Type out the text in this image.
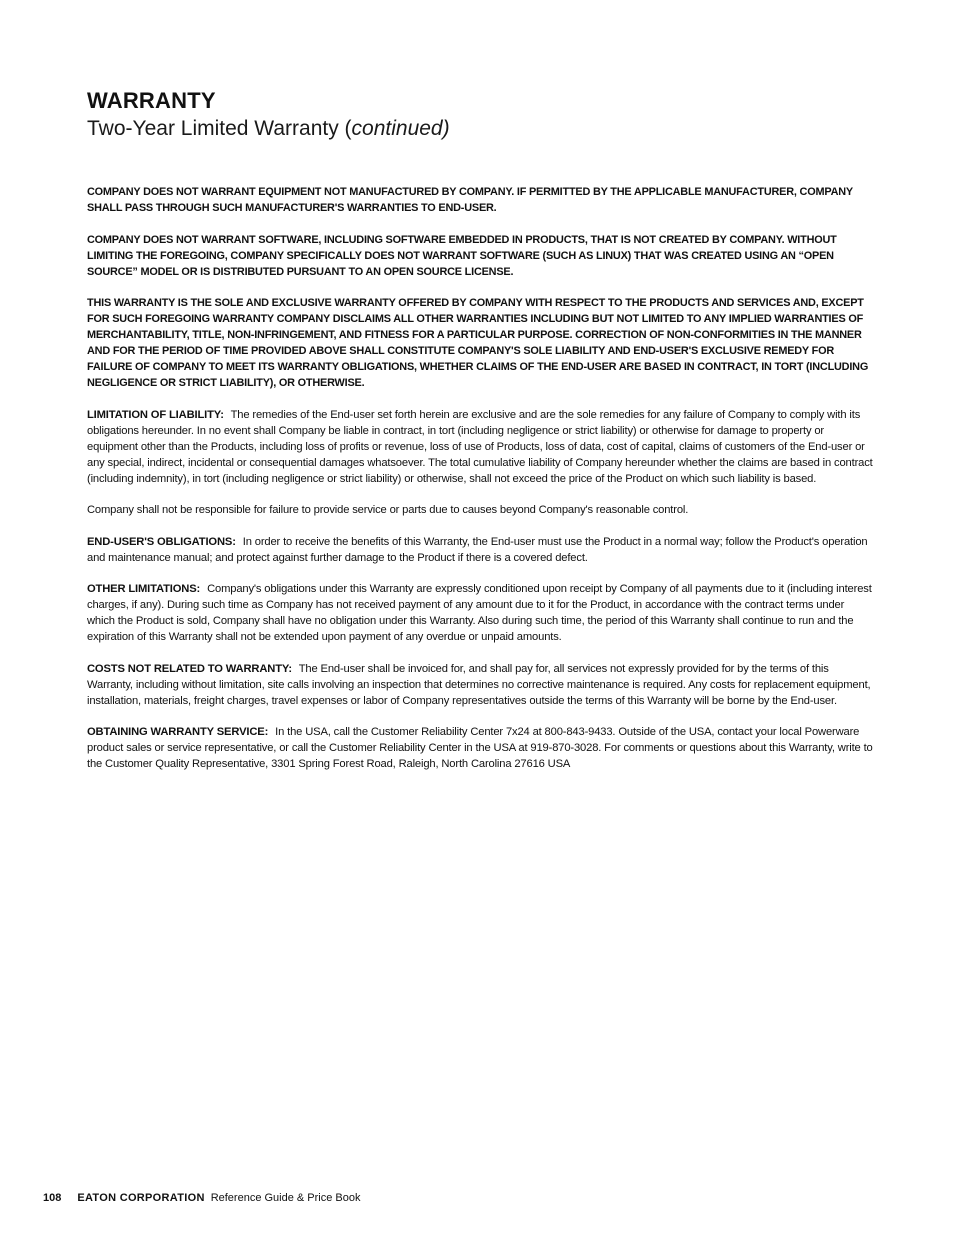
WARRANTY
Two-Year Limited Warranty (continued)

COMPANY DOES NOT WARRANT EQUIPMENT NOT MANUFACTURED BY COMPANY. IF PERMITTED BY THE APPLICABLE MANUFACTURER, COMPANY SHALL PASS THROUGH SUCH MANUFACTURER'S WARRANTIES TO END-USER.

COMPANY DOES NOT WARRANT SOFTWARE, INCLUDING SOFTWARE EMBEDDED IN PRODUCTS, THAT IS NOT CREATED BY COMPANY. WITHOUT LIMITING THE FOREGOING, COMPANY SPECIFICALLY DOES NOT WARRANT SOFTWARE (SUCH AS LINUX) THAT WAS CREATED USING AN “OPEN SOURCE” MODEL OR IS DISTRIBUTED PURSUANT TO AN OPEN SOURCE LICENSE.

THIS WARRANTY IS THE SOLE AND EXCLUSIVE WARRANTY OFFERED BY COMPANY WITH RESPECT TO THE PRODUCTS AND SERVICES AND, EXCEPT FOR SUCH FOREGOING WARRANTY COMPANY DISCLAIMS ALL OTHER WARRANTIES INCLUDING BUT NOT LIMITED TO ANY IMPLIED WARRANTIES OF MERCHANTABILITY, TITLE, NON-INFRINGEMENT, AND FITNESS FOR A PARTICULAR PURPOSE. CORRECTION OF NON-CONFORMITIES IN THE MANNER AND FOR THE PERIOD OF TIME PROVIDED ABOVE SHALL CONSTITUTE COMPANY'S SOLE LIABILITY AND END-USER'S EXCLUSIVE REMEDY FOR FAILURE OF COMPANY TO MEET ITS WARRANTY OBLIGATIONS, WHETHER CLAIMS OF THE END-USER ARE BASED IN CONTRACT, IN TORT (INCLUDING NEGLIGENCE OR STRICT LIABILITY), OR OTHERWISE.

LIMITATION OF LIABILITY: The remedies of the End-user set forth herein are exclusive and are the sole remedies for any failure of Company to comply with its obligations hereunder. In no event shall Company be liable in contract, in tort (including negligence or strict liability) or otherwise for damage to property or equipment other than the Products, including loss of profits or revenue, loss of use of Products, loss of data, cost of capital, claims of customers of the End-user or any special, indirect, incidental or consequential damages whatsoever. The total cumulative liability of Company hereunder whether the claims are based in contract (including indemnity), in tort (including negligence or strict liability) or otherwise, shall not exceed the price of the Product on which such liability is based.

Company shall not be responsible for failure to provide service or parts due to causes beyond Company's reasonable control.

END-USER'S OBLIGATIONS: In order to receive the benefits of this Warranty, the End-user must use the Product in a normal way; follow the Product's operation and maintenance manual; and protect against further damage to the Product if there is a covered defect.

OTHER LIMITATIONS: Company's obligations under this Warranty are expressly conditioned upon receipt by Company of all payments due to it (including interest charges, if any). During such time as Company has not received payment of any amount due to it for the Product, in accordance with the contract terms under which the Product is sold, Company shall have no obligation under this Warranty. Also during such time, the period of this Warranty shall continue to run and the expiration of this Warranty shall not be extended upon payment of any overdue or unpaid amounts.

COSTS NOT RELATED TO WARRANTY: The End-user shall be invoiced for, and shall pay for, all services not expressly provided for by the terms of this Warranty, including without limitation, site calls involving an inspection that determines no corrective maintenance is required. Any costs for replacement equipment, installation, materials, freight charges, travel expenses or labor of Company representatives outside the terms of this Warranty will be borne by the End-user.

OBTAINING WARRANTY SERVICE: In the USA, call the Customer Reliability Center 7x24 at 800-843-9433. Outside of the USA, contact your local Powerware product sales or service representative, or call the Customer Reliability Center in the USA at 919-870-3028. For comments or questions about this Warranty, write to the Customer Quality Representative, 3301 Spring Forest Road, Raleigh, North Carolina 27616 USA

108 EATON CORPORATION Reference Guide & Price Book
